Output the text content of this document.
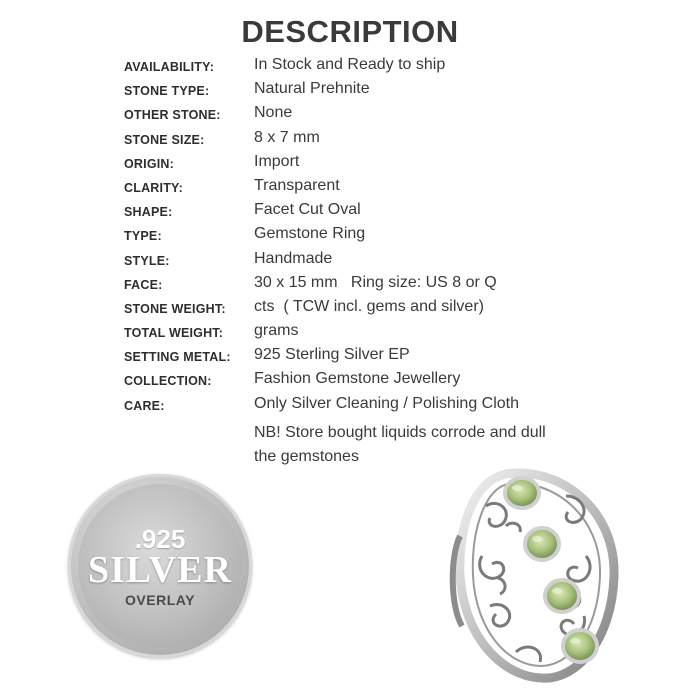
DESCRIPTION
AVAILABILITY: In Stock and Ready to ship
STONE TYPE:	Natural Prehnite
OTHER STONE: None
STONE SIZE:	8 x 7 mm
ORIGIN:	Import
CLARITY:	Transparent
SHAPE:	Facet Cut Oval
TYPE:	Gemstone Ring
STYLE:	Handmade
FACE:	30 x 15 mm   Ring size: US 8 or Q
STONE WEIGHT: cts  ( TCW incl. gems and silver)
TOTAL WEIGHT: grams
SETTING METAL: 925 Sterling Silver EP
COLLECTION:	Fashion Gemstone Jewellery
CARE:	Only Silver Cleaning / Polishing Cloth
NB! Store bought liquids corrode and dull
the gemstones
.925
SILVER
OVERLAY
